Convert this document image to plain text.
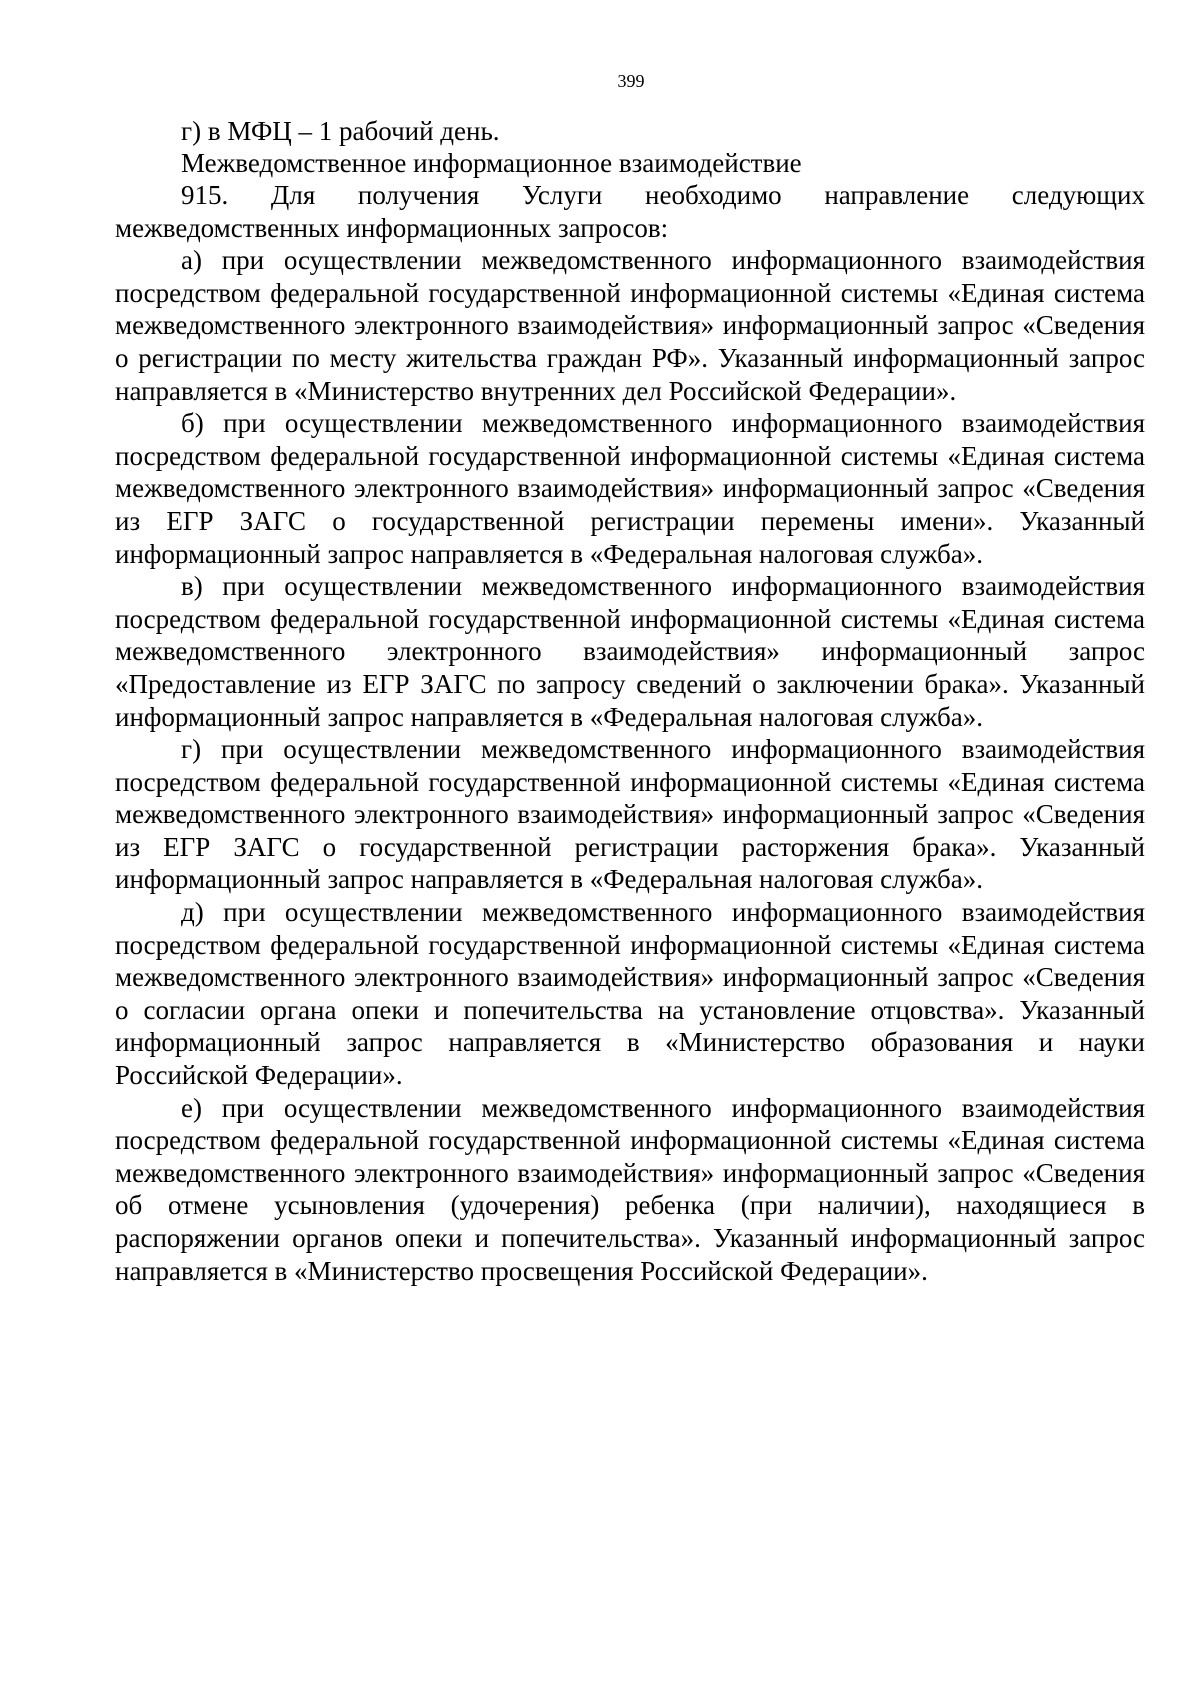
399

г) в МФЦ – 1 рабочий день.

Межведомственное информационное взаимодействие

915. Для получения Услуги необходимо направление следующих межведомственных информационных запросов:

а) при осуществлении межведомственного информационного взаимодействия посредством федеральной государственной информационной системы «Единая система межведомственного электронного взаимодействия» информационный запрос «Сведения о регистрации по месту жительства граждан РФ». Указанный информационный запрос направляется в «Министерство внутренних дел Российской Федерации».

б) при осуществлении межведомственного информационного взаимодействия посредством федеральной государственной информационной системы «Единая система межведомственного электронного взаимодействия» информационный запрос «Сведения из ЕГР ЗАГС о государственной регистрации перемены имени». Указанный информационный запрос направляется в «Федеральная налоговая служба».

в) при осуществлении межведомственного информационного взаимодействия посредством федеральной государственной информационной системы «Единая система межведомственного электронного взаимодействия» информационный запрос «Предоставление из ЕГР ЗАГС по запросу сведений о заключении брака». Указанный информационный запрос направляется в «Федеральная налоговая служба».

г) при осуществлении межведомственного информационного взаимодействия посредством федеральной государственной информационной системы «Единая система межведомственного электронного взаимодействия» информационный запрос «Сведения из ЕГР ЗАГС о государственной регистрации расторжения брака». Указанный информационный запрос направляется в «Федеральная налоговая служба».

д) при осуществлении межведомственного информационного взаимодействия посредством федеральной государственной информационной системы «Единая система межведомственного электронного взаимодействия» информационный запрос «Сведения о согласии органа опеки и попечительства на установление отцовства». Указанный информационный запрос направляется в «Министерство образования и науки Российской Федерации».

е) при осуществлении межведомственного информационного взаимодействия посредством федеральной государственной информационной системы «Единая система межведомственного электронного взаимодействия» информационный запрос «Сведения об отмене усыновления (удочерения) ребенка (при наличии), находящиеся в распоряжении органов опеки и попечительства». Указанный информационный запрос направляется в «Министерство просвещения Российской Федерации».
